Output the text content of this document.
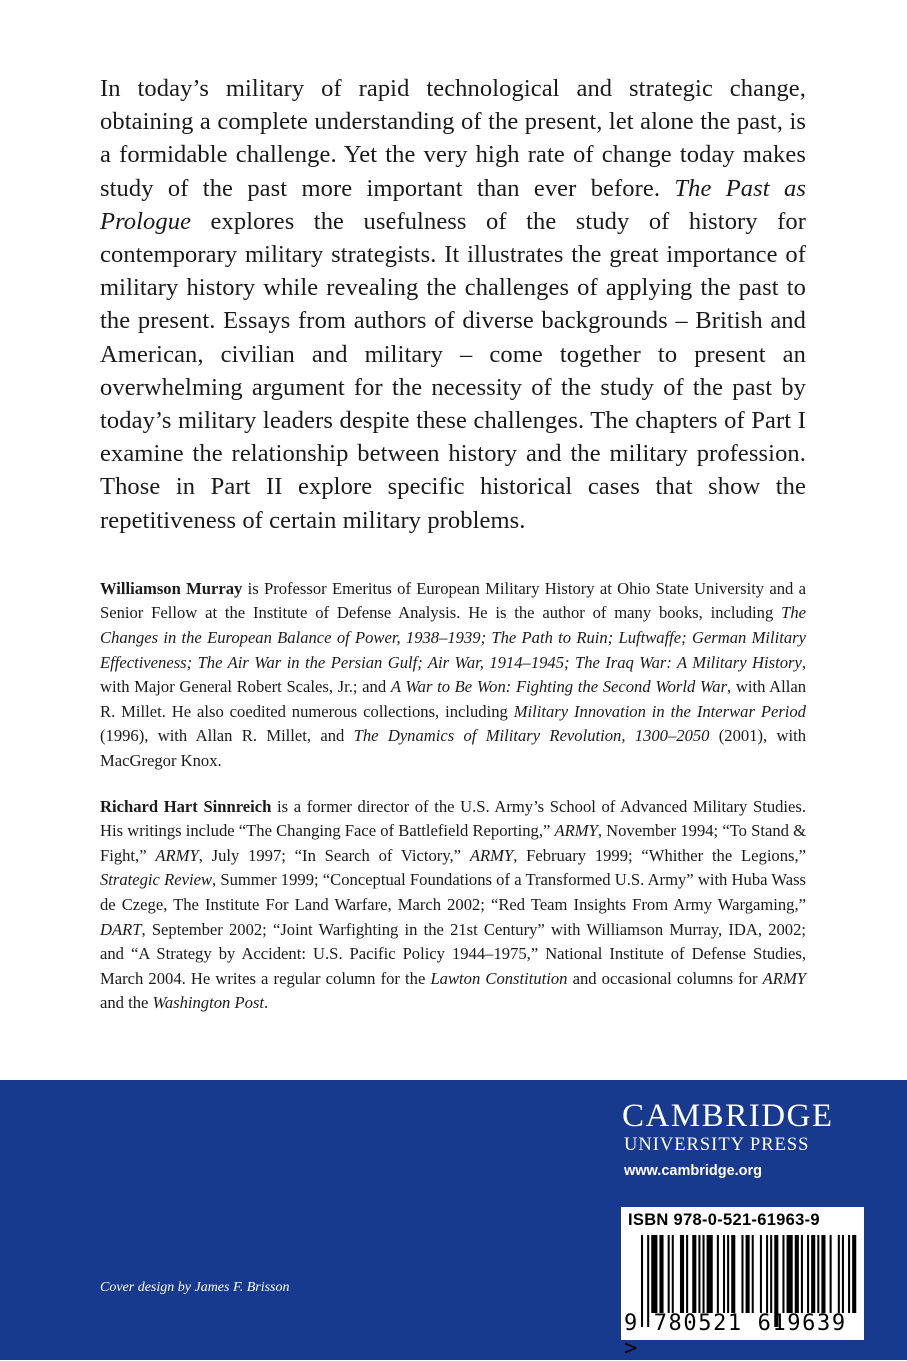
In today’s military of rapid technological and strategic change, obtaining a complete understanding of the present, let alone the past, is a formidable challenge. Yet the very high rate of change today makes study of the past more important than ever before. The Past as Prologue explores the usefulness of the study of history for contemporary military strategists. It illustrates the great importance of military history while revealing the challenges of applying the past to the present. Essays from authors of diverse backgrounds – British and American, civilian and military – come together to present an overwhelming argument for the necessity of the study of the past by today’s military leaders despite these challenges. The chapters of Part I examine the relationship between history and the military profession. Those in Part II explore specific historical cases that show the repetitiveness of certain military problems.

Williamson Murray is Professor Emeritus of European Military History at Ohio State University and a Senior Fellow at the Institute of Defense Analysis. He is the author of many books, including The Changes in the European Balance of Power, 1938–1939; The Path to Ruin; Luftwaffe; German Military Effectiveness; The Air War in the Persian Gulf; Air War, 1914–1945; The Iraq War: A Military History, with Major General Robert Scales, Jr.; and A War to Be Won: Fighting the Second World War, with Allan R. Millet. He also coedited numerous collections, including Military Innovation in the Interwar Period (1996), with Allan R. Millet, and The Dynamics of Military Revolution, 1300–2050 (2001), with MacGregor Knox.

Richard Hart Sinnreich is a former director of the U.S. Army’s School of Advanced Military Studies. His writings include “The Changing Face of Battlefield Reporting,” ARMY, November 1994; “To Stand & Fight,” ARMY, July 1997; “In Search of Victory,” ARMY, February 1999; “Whither the Legions,” Strategic Review, Summer 1999; “Conceptual Foundations of a Transformed U.S. Army” with Huba Wass de Czege, The Institute For Land Warfare, March 2002; “Red Team Insights From Army Wargaming,” DART, September 2002; “Joint Warfighting in the 21st Century” with Williamson Murray, IDA, 2002; and “A Strategy by Accident: U.S. Pacific Policy 1944–1975,” National Institute of Defense Studies, March 2004. He writes a regular column for the Lawton Constitution and occasional columns for ARMY and the Washington Post.

Cover design by James F. Brisson

CAMBRIDGE

UNIVERSITY PRESS

www.cambridge.org

ISBN 978-0-521-61963-9
9 780521 619639 >
